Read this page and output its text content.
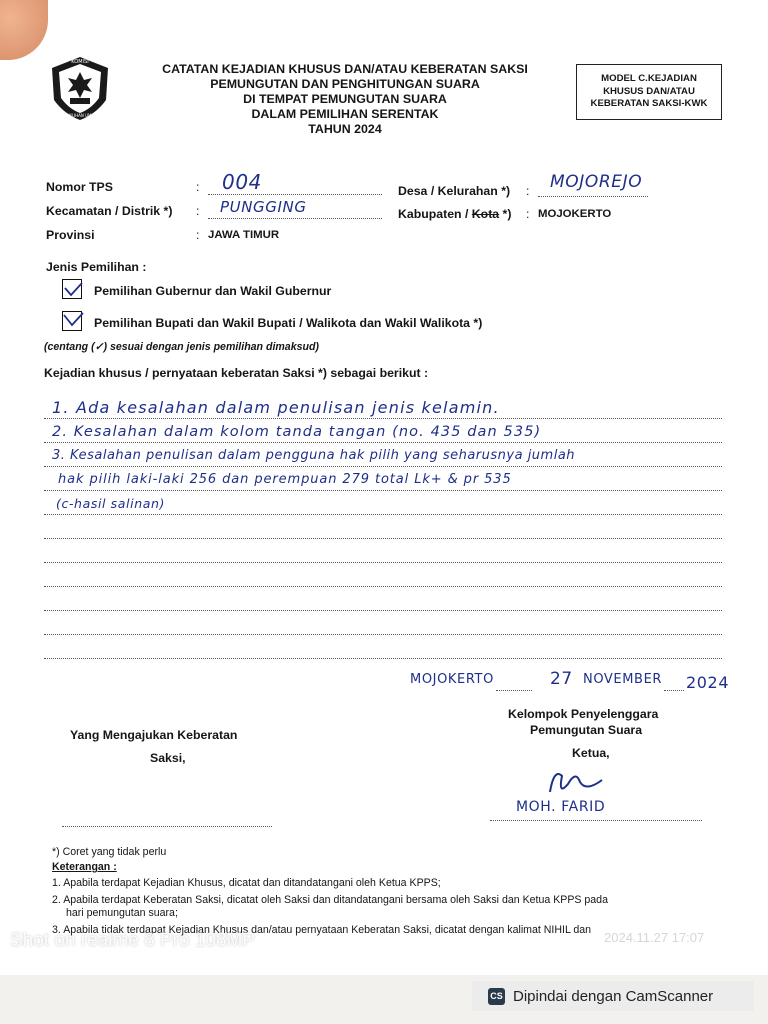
KOMISI
PEMILIHAN UMUM
CATATAN KEJADIAN KHUSUS DAN/ATAU KEBERATAN SAKSI
PEMUNGUTAN DAN PENGHITUNGAN SUARA
DI TEMPAT PEMUNGUTAN SUARA
DALAM PEMILIHAN SERENTAK
TAHUN 2024
MODEL C.KEJADIAN
KHUSUS DAN/ATAU
KEBERATAN SAKSI-KWK
Nomor TPS	: 004
Kecamatan / Distrik *) : PUNGGING
Provinsi	: JAWA TIMUR
Desa / Kelurahan *) : MOJOREJO
Kabupaten / Kota *) : MOJOKERTO
Jenis Pemilihan :
Pemilihan Gubernur dan Wakil Gubernur
Pemilihan Bupati dan Wakil Bupati / Walikota dan Wakil Walikota *)
(centang (✓) sesuai dengan jenis pemilihan dimaksud)
Kejadian khusus / pernyataan keberatan Saksi *) sebagai berikut :
1. Ada kesalahan dalam penulisan jenis kelamin.
2. Kesalahan dalam kolom tanda tangan (no. 435 dan 535)
3. Kesalahan penulisan dalam pengguna hak pilih yang seharusnya jumlah
hak pilih laki-laki 256 dan perempuan 279 total Lk+ & pr 535
(c-hasil salinan)
MOJOKERTO	27 NOVEMBER 2024
Yang Mengajukan Keberatan
Saksi,
Kelompok Penyelenggara
Pemungutan Suara
Ketua,
MOH. FARID
*) Coret yang tidak perlu
Keterangan :
1. Apabila terdapat Kejadian Khusus, dicatat dan ditandatangani oleh Ketua KPPS;
2. Apabila terdapat Keberatan Saksi, dicatat oleh Saksi dan ditandatangani bersama oleh Saksi dan Ketua KPPS pada
hari pemungutan suara;
3. Apabila tidak terdapat Kejadian Khusus dan/atau pernyataan Keberatan Saksi, dicatat dengan kalimat NIHIL dan
Shot on realme 8 Pro 108MP	2024.11.27 17:07
CS Dipindai dengan CamScanner
